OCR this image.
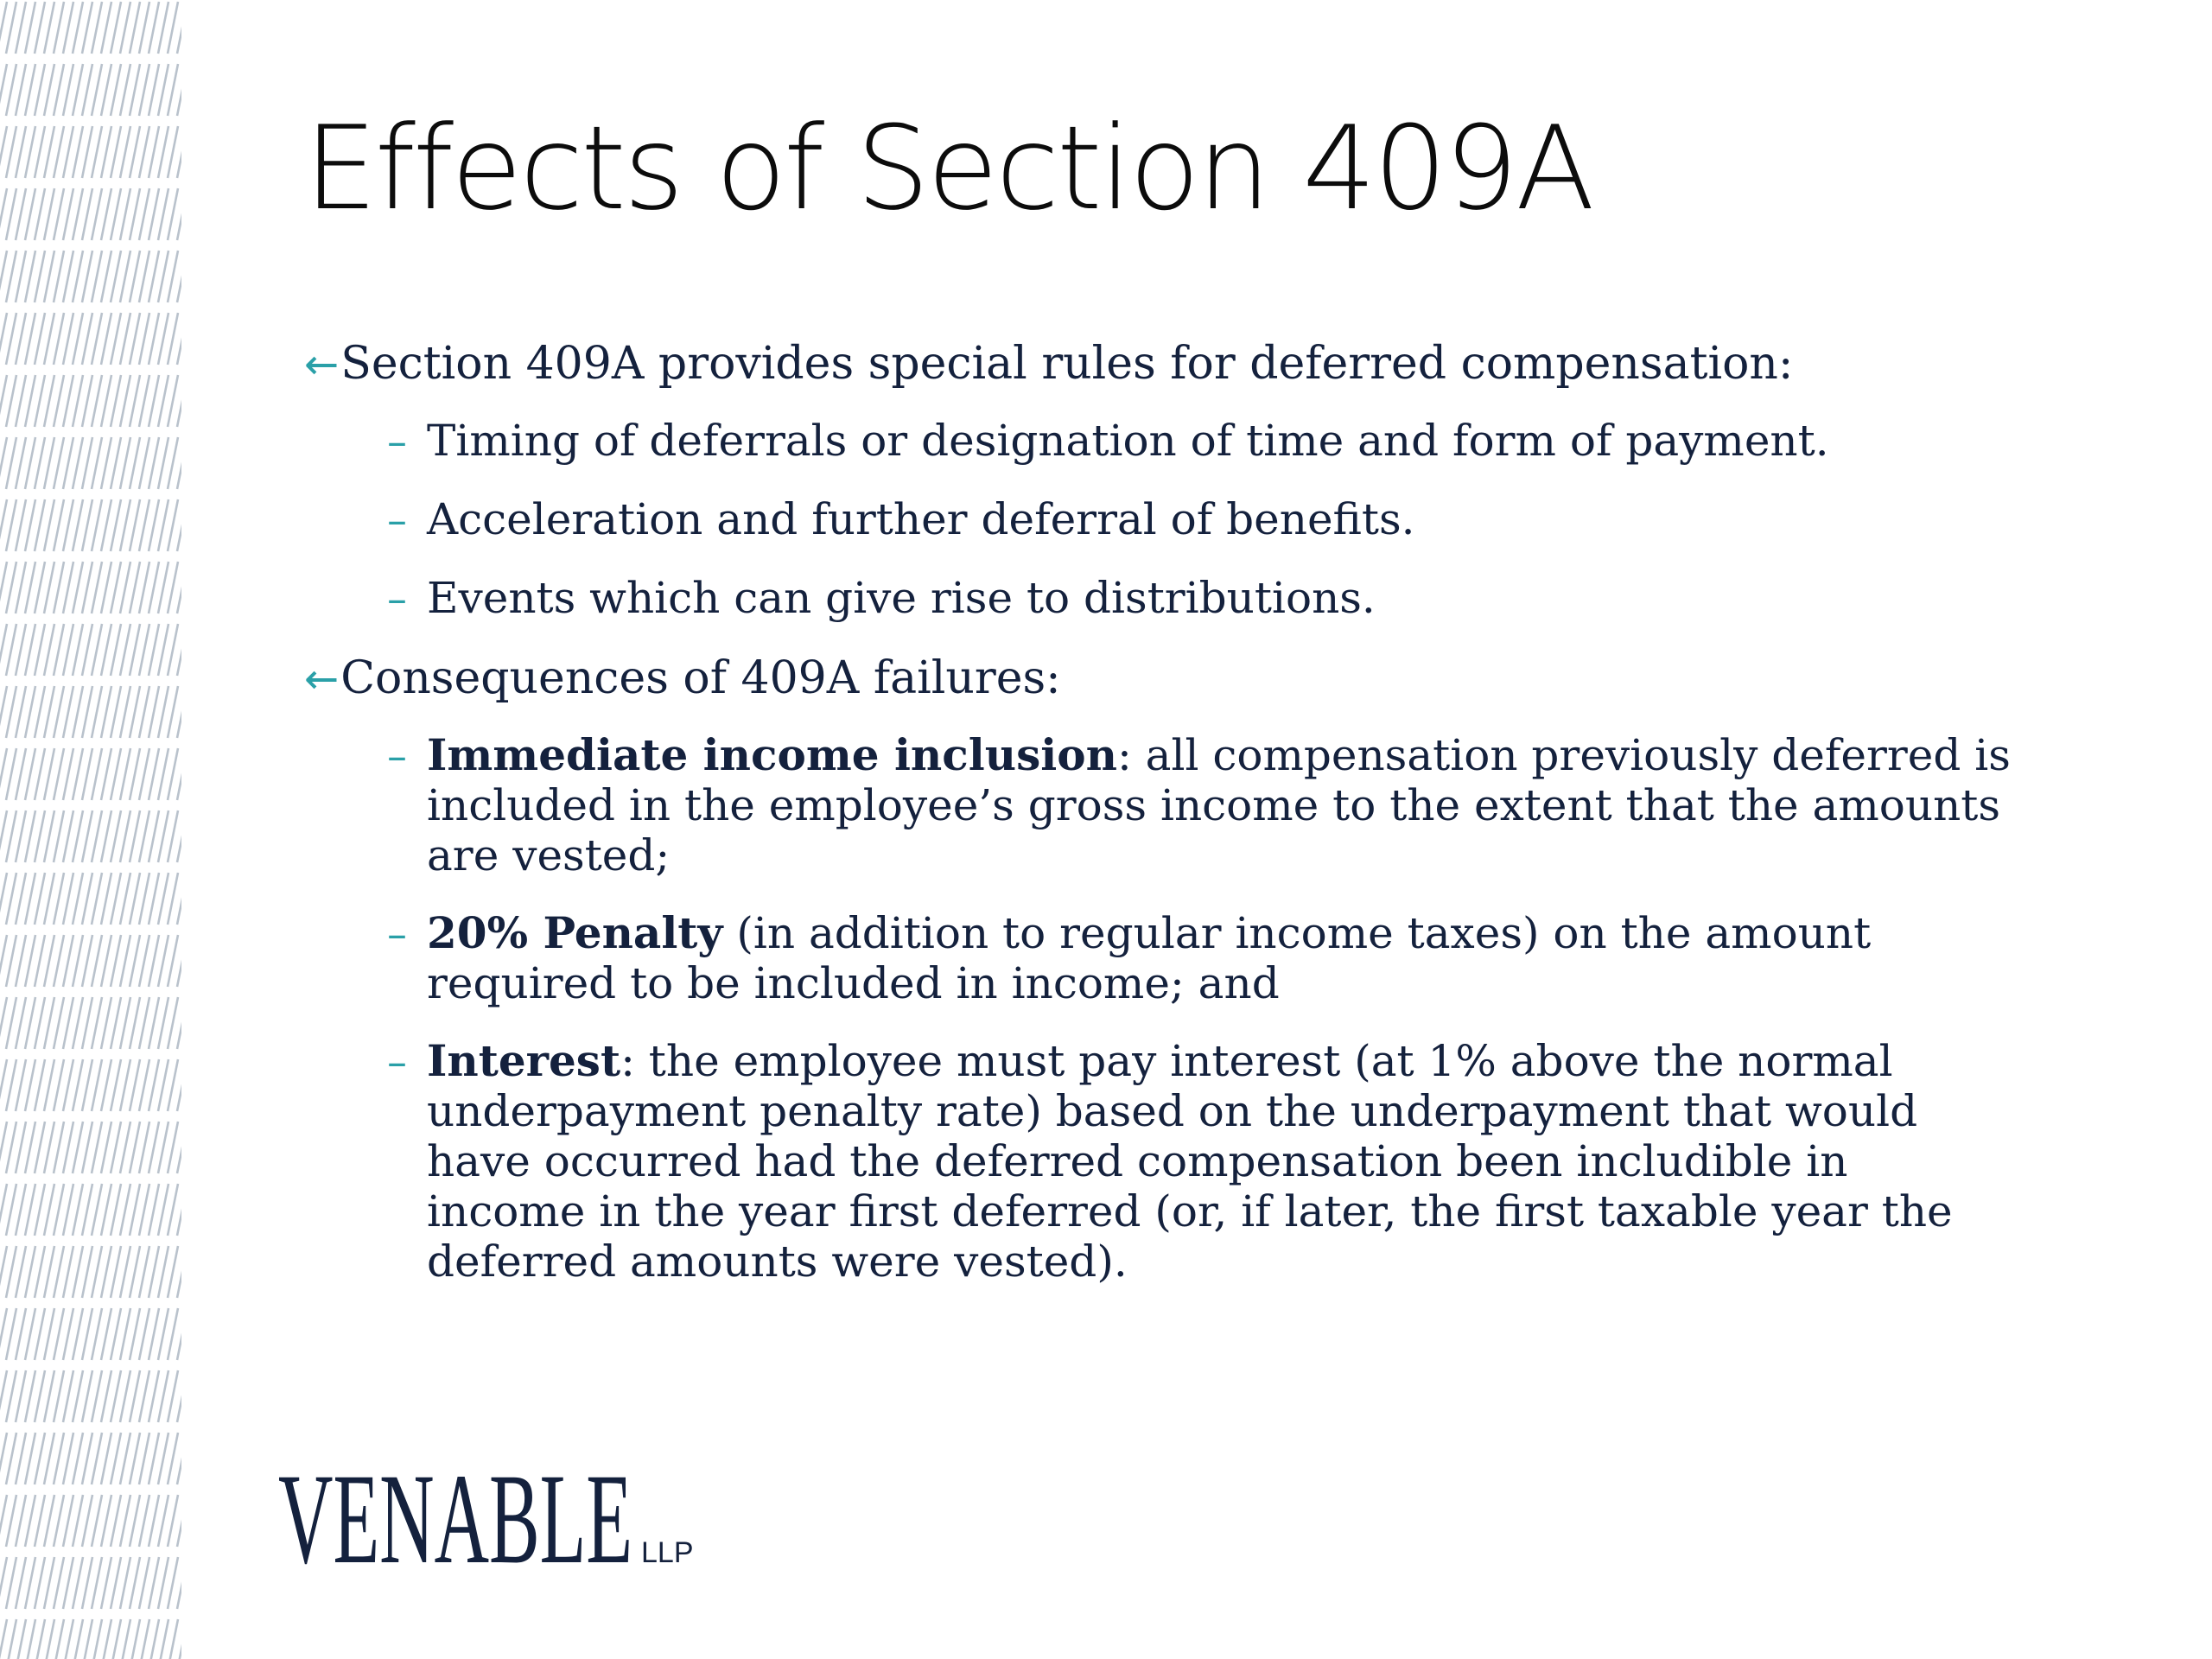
Effects of Section 409A
← Section 409A provides special rules for deferred compensation:
– Timing of deferrals or designation of time and form of payment.
– Acceleration and further deferral of benefits.
– Events which can give rise to distributions.
← Consequences of 409A failures:
– Immediate income inclusion: all compensation previously deferred is included in the employee’s gross income to the extent that the amounts are vested;
– 20% Penalty (in addition to regular income taxes) on the amount required to be included in income; and
– Interest: the employee must pay interest (at 1% above the normal underpayment penalty rate) based on the underpayment that would have occurred had the deferred compensation been includible in income in the year first deferred (or, if later, the first taxable year the deferred amounts were vested).
VENABLE LLP
